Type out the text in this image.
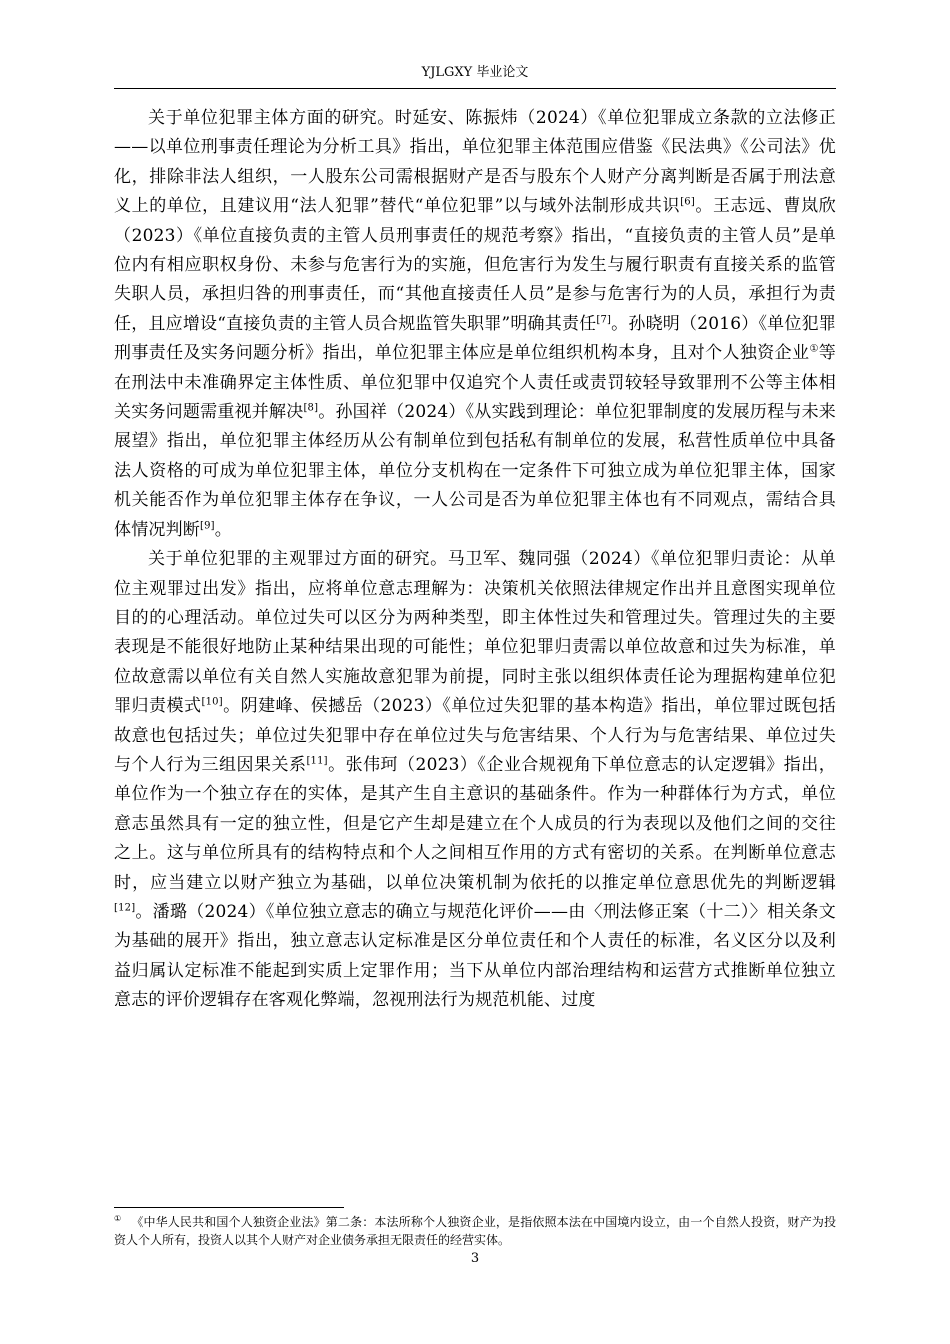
YJLGXY 毕业论文

关于单位犯罪主体方面的研究。时延安、陈振炜（2024）《单位犯罪成立条款的立法修正——以单位刑事责任理论为分析工具》指出，单位犯罪主体范围应借鉴《民法典》《公司法》优化，排除非法人组织，一人股东公司需根据财产是否与股东个人财产分离判断是否属于刑法意义上的单位，且建议用“法人犯罪”替代“单位犯罪”以与域外法制形成共识[6]。王志远、曹岚欣（2023）《单位直接负责的主管人员刑事责任的规范考察》指出，“直接负责的主管人员”是单位内有相应职权身份、未参与危害行为的实施，但危害行为发生与履行职责有直接关系的监管失职人员，承担归咎的刑事责任，而“其他直接责任人员”是参与危害行为的人员，承担行为责任，且应增设“直接负责的主管人员合规监管失职罪”明确其责任[7]。孙晓明（2016）《单位犯罪刑事责任及实务问题分析》指出，单位犯罪主体应是单位组织机构本身，且对个人独资企业①等在刑法中未准确界定主体性质、单位犯罪中仅追究个人责任或责罚较轻导致罪刑不公等主体相关实务问题需重视并解决[8]。孙国祥（2024）《从实践到理论：单位犯罪制度的发展历程与未来展望》指出，单位犯罪主体经历从公有制单位到包括私有制单位的发展，私营性质单位中具备法人资格的可成为单位犯罪主体，单位分支机构在一定条件下可独立成为单位犯罪主体，国家机关能否作为单位犯罪主体存在争议，一人公司是否为单位犯罪主体也有不同观点，需结合具体情况判断[9]。

关于单位犯罪的主观罪过方面的研究。马卫军、魏同强（2024）《单位犯罪归责论：从单位主观罪过出发》指出，应将单位意志理解为：决策机关依照法律规定作出并且意图实现单位目的的心理活动。单位过失可以区分为两种类型，即主体性过失和管理过失。管理过失的主要表现是不能很好地防止某种结果出现的可能性；单位犯罪归责需以单位故意和过失为标准，单位故意需以单位有关自然人实施故意犯罪为前提，同时主张以组织体责任论为理据构建单位犯罪归责模式[10]。阴建峰、侯撼岳（2023）《单位过失犯罪的基本构造》指出，单位罪过既包括故意也包括过失；单位过失犯罪中存在单位过失与危害结果、个人行为与危害结果、单位过失与个人行为三组因果关系[11]。张伟珂（2023）《企业合规视角下单位意志的认定逻辑》指出，单位作为一个独立存在的实体，是其产生自主意识的基础条件。作为一种群体行为方式，单位意志虽然具有一定的独立性，但是它产生却是建立在个人成员的行为表现以及他们之间的交往之上。这与单位所具有的结构特点和个人之间相互作用的方式有密切的关系。在判断单位意志时，应当建立以财产独立为基础，以单位决策机制为依托的以推定单位意思优先的判断逻辑[12]。潘璐（2024）《单位独立意志的确立与规范化评价——由〈刑法修正案（十二）〉相关条文为基础的展开》指出，独立意志认定标准是区分单位责任和个人责任的标准，名义区分以及利益归属认定标准不能起到实质上定罪作用；当下从单位内部治理结构和运营方式推断单位独立意志的评价逻辑存在客观化弊端，忽视刑法行为规范机能、过度

① 《中华人民共和国个人独资企业法》第二条：本法所称个人独资企业，是指依照本法在中国境内设立，由一个自然人投资，财产为投资人个人所有，投资人以其个人财产对企业债务承担无限责任的经营实体。
3
